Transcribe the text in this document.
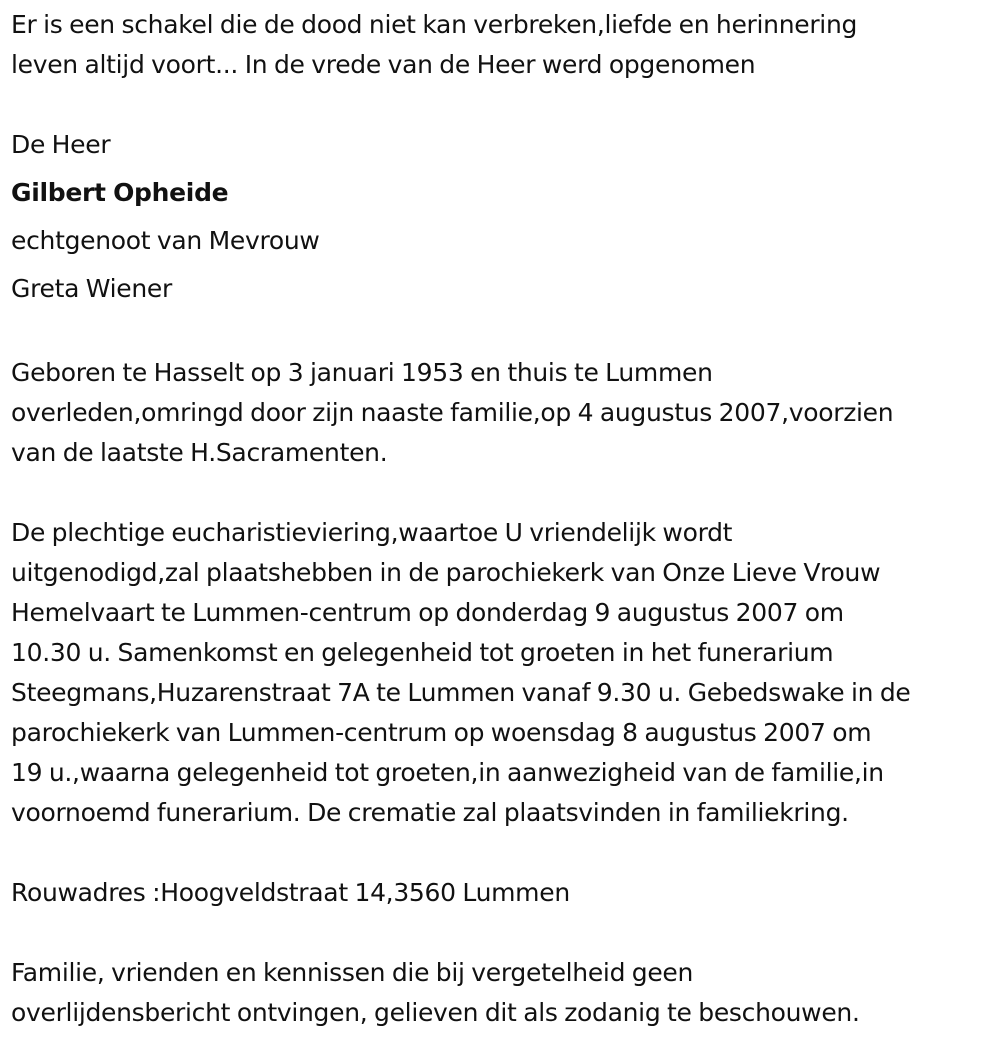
Er is een schakel die de dood niet kan verbreken,liefde en herinnering
leven altijd voort... In de vrede van de Heer werd opgenomen

De Heer
Gilbert Opheide
echtgenoot van Mevrouw
Greta Wiener

Geboren te Hasselt op 3 januari 1953 en thuis te Lummen
overleden,omringd door zijn naaste familie,op 4 augustus 2007,voorzien
van de laatste H.Sacramenten.

De plechtige eucharistieviering,waartoe U vriendelijk wordt
uitgenodigd,zal plaatshebben in de parochiekerk van Onze Lieve Vrouw
Hemelvaart te Lummen-centrum op donderdag 9 augustus 2007 om
10.30 u. Samenkomst en gelegenheid tot groeten in het funerarium
Steegmans,Huzarenstraat 7A te Lummen vanaf 9.30 u. Gebedswake in de
parochiekerk van Lummen-centrum op woensdag 8 augustus 2007 om
19 u.,waarna gelegenheid tot groeten,in aanwezigheid van de familie,in
voornoemd funerarium. De crematie zal plaatsvinden in familiekring.

Rouwadres :Hoogveldstraat 14,3560 Lummen

Familie, vrienden en kennissen die bij vergetelheid geen
overlijdensbericht ontvingen, gelieven dit als zodanig te beschouwen.
